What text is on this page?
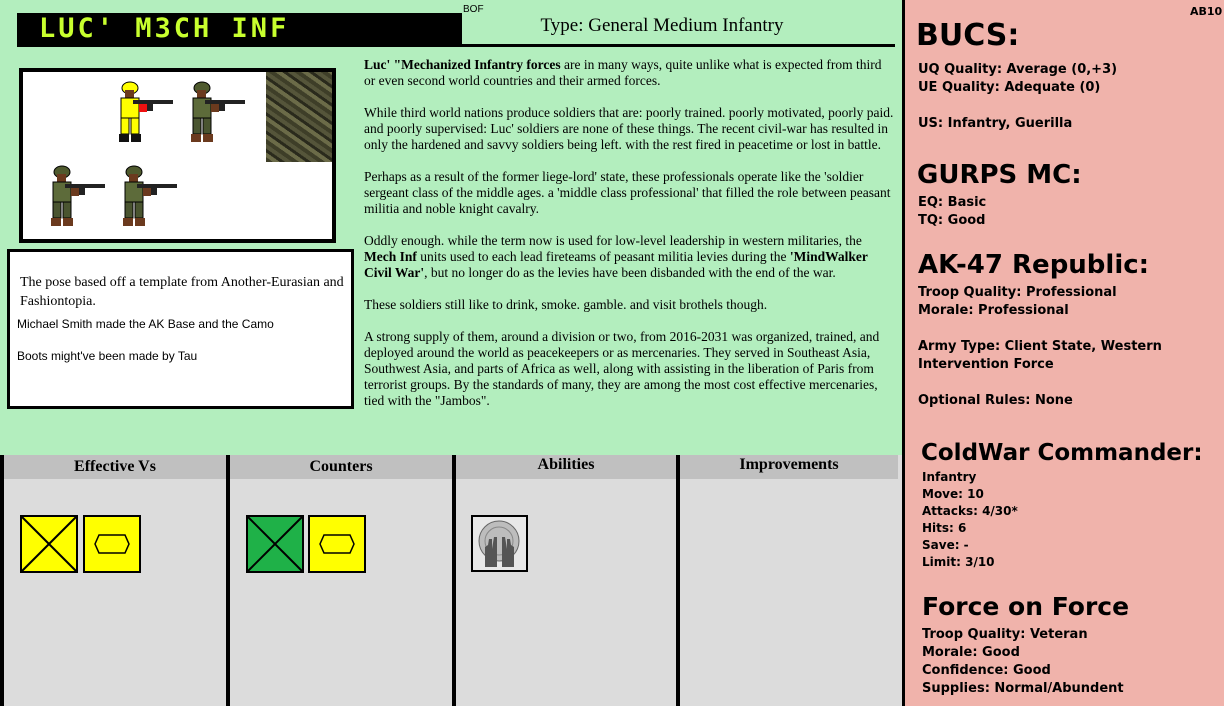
LUC' M3CH INF
BOF
Type: General Medium Infantry
The pose based off a template from Another-Eurasian and Fashiontopia.
Michael Smith made the AK Base and the Camo
Boots might've been made by Tau

Luc' "Mechanized Infantry forces are in many ways, quite unlike what is expected from third or even second world countries and their armed forces.

While third world nations produce soldiers that are: poorly trained. poorly motivated, poorly paid. and poorly supervised: Luc' soldiers are none of these things. The recent civil-war has resulted in only the hardened and savvy soldiers being left. with the rest fired in peacetime or lost in battle.

Perhaps as a result of the former liege-lord' state, these professionals operate like the 'soldier sergeant class of the middle ages. a 'middle class professional' that filled the role between peasant militia and noble knight cavalry.

Oddly enough. while the term now is used for low-level leadership in western militaries, the Mech Inf units used to each lead fireteams of peasant militia levies during the 'MindWalker Civil War', but no longer do as the levies have been disbanded with the end of the war.

These soldiers still like to drink, smoke. gamble. and visit brothels though.

A strong supply of them, around a division or two, from 2016-2031 was organized, trained, and deployed around the world as peacekeepers or as mercenaries. They served in Southeast Asia, Southwest Asia, and parts of Africa as well, along with assisting in the liberation of Paris from terrorist groups. By the standards of many, they are among the most cost effective mercenaries, tied with the "Jambos".

Effective Vs	Counters	Abilities	Improvements
AB10
BUCS:
UQ Quality: Average (0,+3)
UE Quality: Adequate (0)
US: Infantry, Guerilla
GURPS MC:
EQ: Basic
TQ: Good
AK-47 Republic:
Troop Quality: Professional
Morale: Professional
Army Type: Client State, Western
Intervention Force
Optional Rules: None
ColdWar Commander:
Infantry
Move: 10
Attacks: 4/30*
Hits: 6
Save: -
Limit: 3/10
Force on Force
Troop Quality: Veteran
Morale: Good
Confidence: Good
Supplies: Normal/Abundent
